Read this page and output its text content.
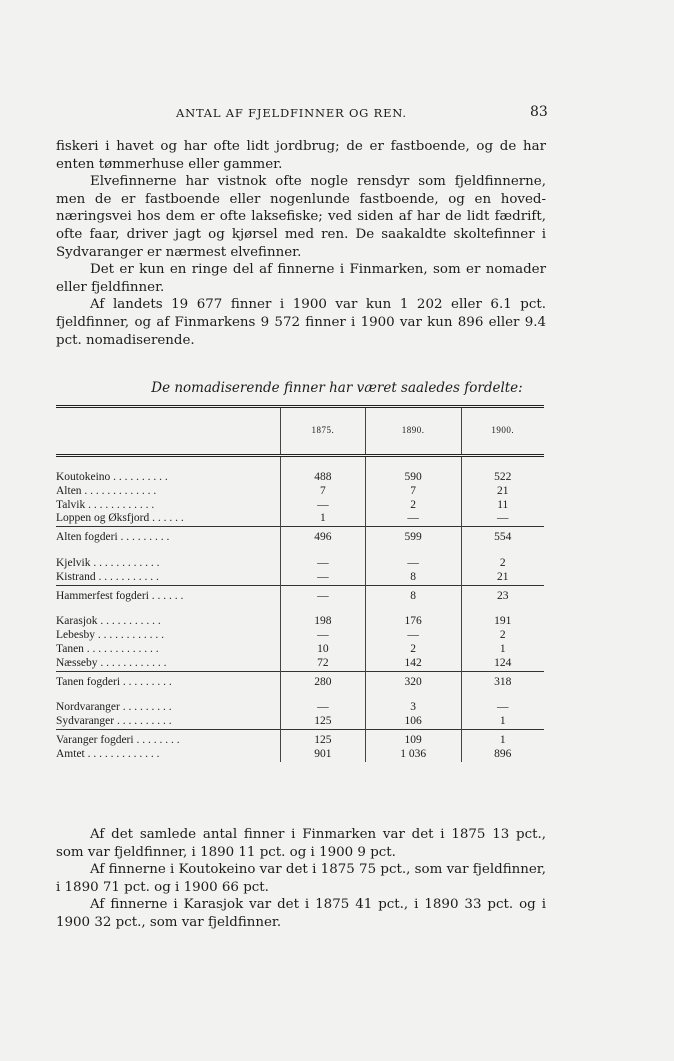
ANTAL AF FJELDFINNER OG REN.	83

fiskeri i havet og har ofte lidt jordbrug; de er fastboende, og de har enten tømmerhuse eller gammer.

Elvefinnerne har vistnok ofte nogle rensdyr som fjeldfinnerne, men de er fastboende eller nogenlunde fastboende, og en hoved-næringsvei hos dem er ofte laksefiske; ved siden af har de lidt fædrift, ofte faar, driver jagt og kjørsel med ren. De saakaldte skoltefinner i Sydvaranger er nærmest elvefinner.

Det er kun en ringe del af finnerne i Finmarken, som er nomader eller fjeldfinner.

Af landets 19 677 finner i 1900 var kun 1 202 eller 6.1 pct. fjeldfinner, og af Finmarkens 9 572 finner i 1900 var kun 896 eller 9.4 pct. nomadiserende.

De nomadiserende finner har været saaledes fordelte:
	1875.	1890.	1900.
Koutokeino . . . . . . . . . .	488	590	522
Alten . . . . . . . . . . . . .	7	7	21
Talvik . . . . . . . . . . . .	—	2	11
Loppen og Øksfjord . . . . . .	1	—	—
Alten fogderi . . . . . . . . .	496	599	554
Kjelvik . . . . . . . . . . . .	—	—	2
Kistrand . . . . . . . . . . .	—	8	21
Hammerfest fogderi . . . . . .	—	8	23
Karasjok . . . . . . . . . . .	198	176	191
Lebesby . . . . . . . . . . . .	—	—	2
Tanen . . . . . . . . . . . . .	10	2	1
Næsseby . . . . . . . . . . . .	72	142	124
Tanen fogderi . . . . . . . . .	280	320	318
Nordvaranger . . . . . . . . .	—	3	—
Sydvaranger . . . . . . . . . .	125	106	1
Varanger fogderi . . . . . . . .	125	109	1
Amtet . . . . . . . . . . . . .	901	1 036	896

Af det samlede antal finner i Finmarken var det i 1875 13 pct., som var fjeldfinner, i 1890 11 pct. og i 1900 9 pct.

Af finnerne i Koutokeino var det i 1875 75 pct., som var fjeldfinner, i 1890 71 pct. og i 1900 66 pct.

Af finnerne i Karasjok var det i 1875 41 pct., i 1890 33 pct. og i 1900 32 pct., som var fjeldfinner.
